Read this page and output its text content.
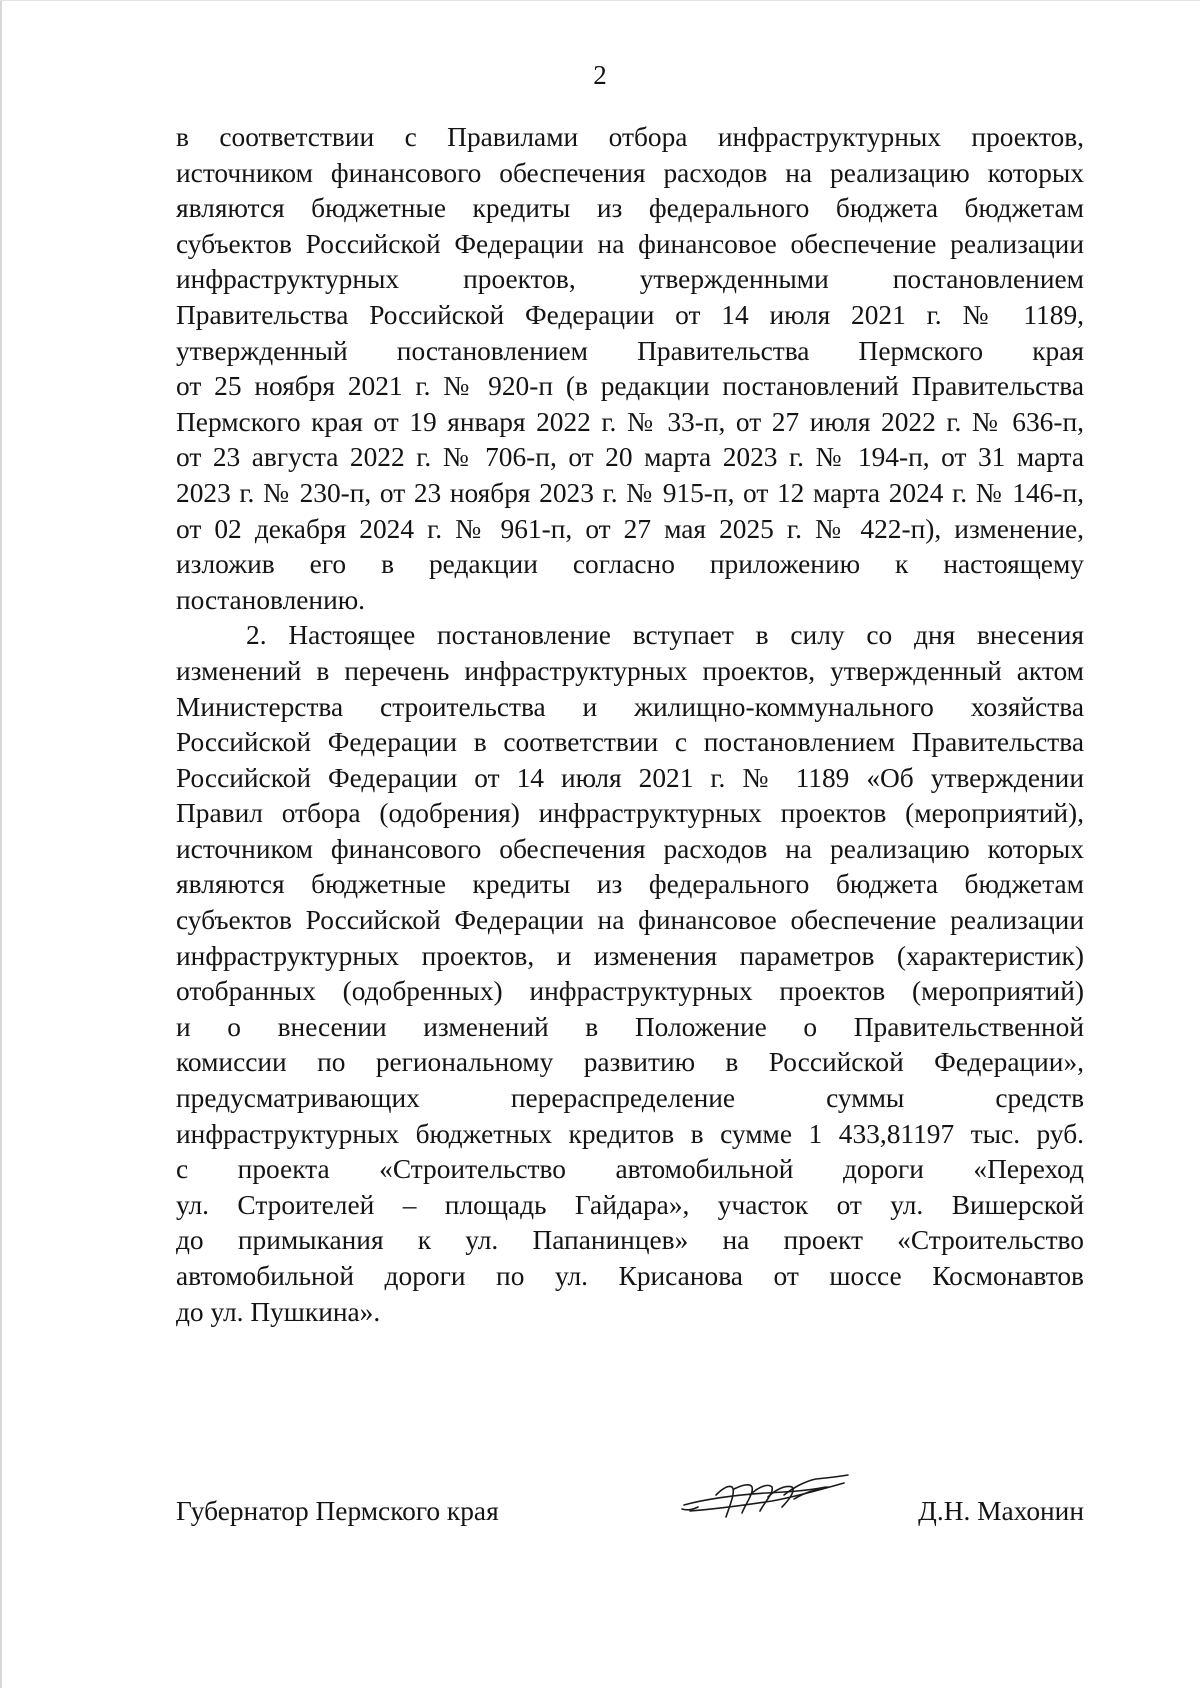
2

в соответствии с Правилами отбора инфраструктурных проектов,
источником финансового обеспечения расходов на реализацию которых
являются бюджетные кредиты из федерального бюджета бюджетам
субъектов Российской Федерации на финансовое обеспечение реализации
инфраструктурных проектов, утвержденными постановлением
Правительства Российской Федерации от 14 июля 2021 г. № 1189,
утвержденный постановлением Правительства Пермского края
от 25 ноября 2021 г. № 920-п (в редакции постановлений Правительства
Пермского края от 19 января 2022 г. № 33-п, от 27 июля 2022 г. № 636-п,
от 23 августа 2022 г. № 706-п, от 20 марта 2023 г. № 194-п, от 31 марта
2023 г. № 230-п, от 23 ноября 2023 г. № 915-п, от 12 марта 2024 г. № 146-п,
от 02 декабря 2024 г. № 961-п, от 27 мая 2025 г. № 422-п), изменение,
изложив его в редакции согласно приложению к настоящему
постановлению.

2. Настоящее постановление вступает в силу со дня внесения
изменений в перечень инфраструктурных проектов, утвержденный актом
Министерства строительства и жилищно-коммунального хозяйства
Российской Федерации в соответствии с постановлением Правительства
Российской Федерации от 14 июля 2021 г. № 1189 «Об утверждении
Правил отбора (одобрения) инфраструктурных проектов (мероприятий),
источником финансового обеспечения расходов на реализацию которых
являются бюджетные кредиты из федерального бюджета бюджетам
субъектов Российской Федерации на финансовое обеспечение реализации
инфраструктурных проектов, и изменения параметров (характеристик)
отобранных (одобренных) инфраструктурных проектов (мероприятий)
и о внесении изменений в Положение о Правительственной
комиссии по региональному развитию в Российской Федерации»,
предусматривающих перераспределение суммы средств
инфраструктурных бюджетных кредитов в сумме 1 433,81197 тыс. руб.
с проекта «Строительство автомобильной дороги «Переход
ул. Строителей – площадь Гайдара», участок от ул. Вишерской
до примыкания к ул. Папанинцев» на проект «Строительство
автомобильной дороги по ул. Крисанова от шоссе Космонавтов
до ул. Пушкина».

Губернатор Пермского края	Д.Н. Махонин
